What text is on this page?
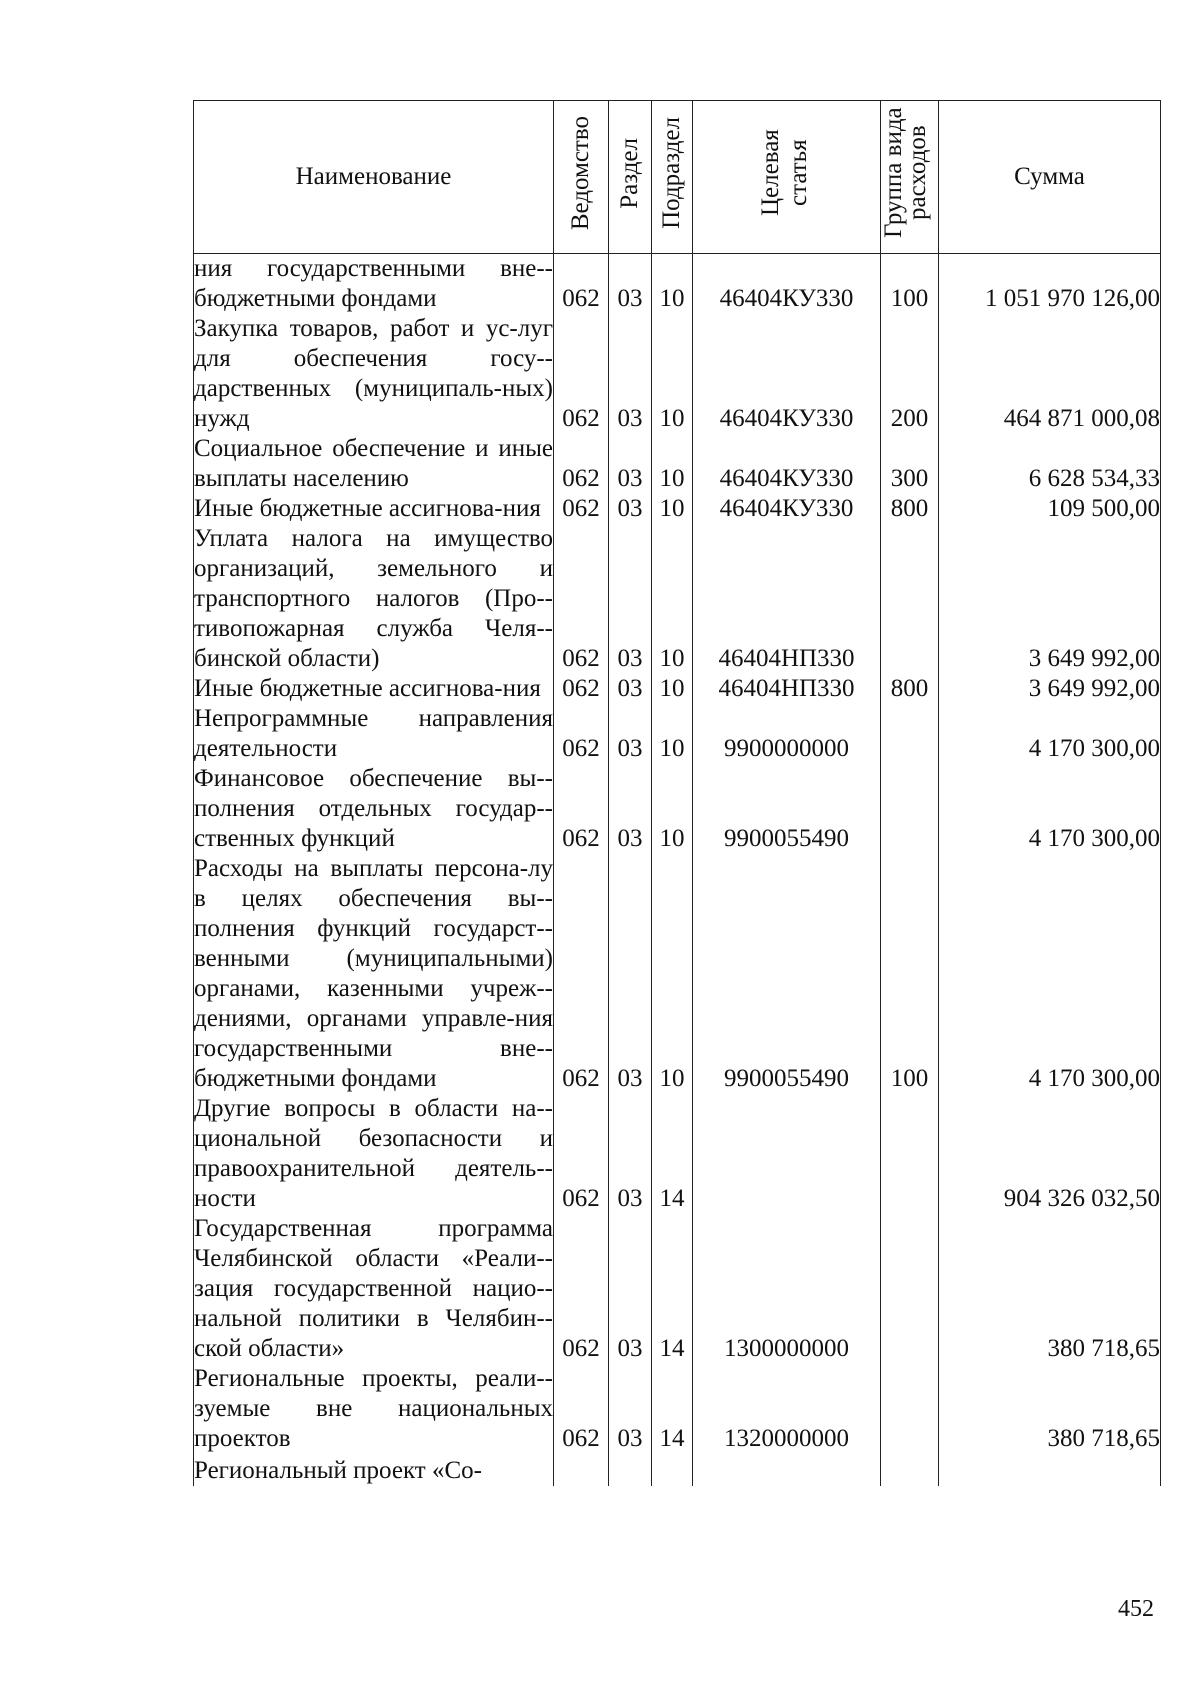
Наименование	Ведомство	Раздел	Подраздел	Целевая статья	Группа вида расходов	Сумма
ния государственными вне-бюджетными фондами	062	03	10	46404КУ330	100	1 051 970 126,00
Закупка товаров, работ и ус-луг для обеспечения госу-дарственных (муниципаль-ных) нужд	062	03	10	46404КУ330	200	464 871 000,08
Социальное обеспечение и иные выплаты населению	062	03	10	46404КУ330	300	6 628 534,33
Иные бюджетные ассигнова-ния	062	03	10	46404КУ330	800	109 500,00
Уплата налога на имущество организаций, земельного и транспортного налогов (Про-тивопожарная служба Челя-бинской области)	062	03	10	46404НП330		3 649 992,00
Иные бюджетные ассигнова-ния	062	03	10	46404НП330	800	3 649 992,00
Непрограммные направления деятельности	062	03	10	9900000000		4 170 300,00
Финансовое обеспечение вы-полнения отдельных государ-ственных функций	062	03	10	9900055490		4 170 300,00
Расходы на выплаты персона-лу в целях обеспечения вы-полнения функций государст-венными (муниципальными) органами, казенными учреж-дениями, органами управле-ния государственными вне-бюджетными фондами	062	03	10	9900055490	100	4 170 300,00
Другие вопросы в области на-циональной безопасности и правоохранительной деятель-ности	062	03	14			904 326 032,50
Государственная программа Челябинской области «Реали-зация государственной нацио-нальной политики в Челябин-ской области»	062	03	14	1300000000		380 718,65
Региональные проекты, реали-зуемые вне национальных проектов	062	03	14	1320000000		380 718,65
Региональный проект «Со-						
452
